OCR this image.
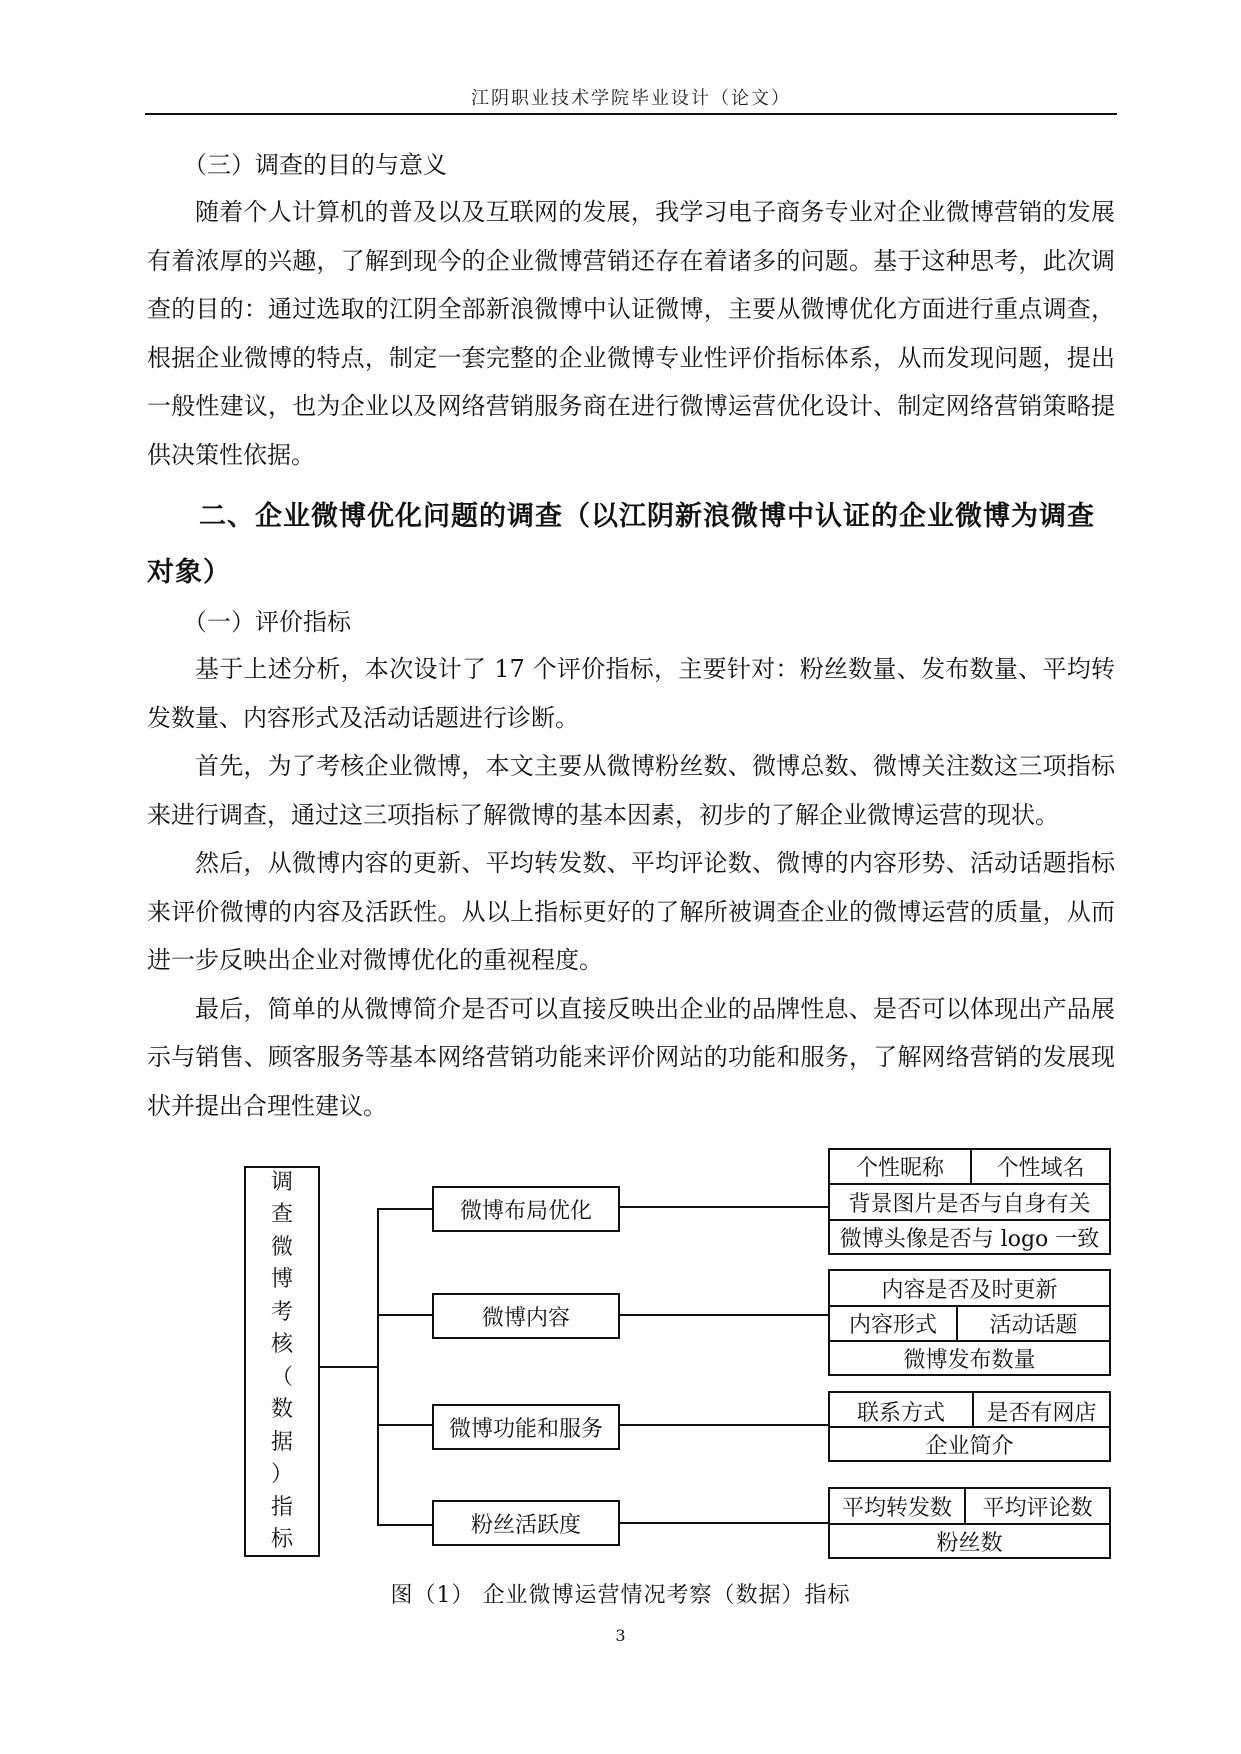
江阴职业技术学院毕业设计（论文）
（三）调查的目的与意义

随着个人计算机的普及以及互联网的发展，我学习电子商务专业对企业微博营销的发展有着浓厚的兴趣，了解到现今的企业微博营销还存在着诸多的问题。基于这种思考，此次调查的目的：通过选取的江阴全部新浪微博中认证微博，主要从微博优化方面进行重点调查，根据企业微博的特点，制定一套完整的企业微博专业性评价指标体系，从而发现问题，提出一般性建议，也为企业以及网络营销服务商在进行微博运营优化设计、制定网络营销策略提供决策性依据。

二、企业微博优化问题的调查（以江阴新浪微博中认证的企业微博为调查对象）
（一）评价指标

基于上述分析，本次设计了 17 个评价指标，主要针对：粉丝数量、发布数量、平均转发数量、内容形式及活动话题进行诊断。

首先，为了考核企业微博，本文主要从微博粉丝数、微博总数、微博关注数这三项指标来进行调查，通过这三项指标了解微博的基本因素，初步的了解企业微博运营的现状。

然后，从微博内容的更新、平均转发数、平均评论数、微博的内容形势、活动话题指标来评价微博的内容及活跃性。从以上指标更好的了解所被调查企业的微博运营的质量，从而进一步反映出企业对微博优化的重视程度。

最后，简单的从微博简介是否可以直接反映出企业的品牌性息、是否可以体现出产品展示与销售、顾客服务等基本网络营销功能来评价网站的功能和服务，了解网络营销的发展现状并提出合理性建议。

调
查
微
博
考
核
（
数
据
）
指
标
微博布局优化
微博内容
微博功能和服务
粉丝活跃度
个性昵称	个性域名
背景图片是否与自身有关
微博头像是否与 logo 一致
内容是否及时更新
内容形式	活动话题
微博发布数量
联系方式	是否有网店
企业简介
平均转发数	平均评论数
粉丝数
图（1） 企业微博运营情况考察（数据）指标
3
